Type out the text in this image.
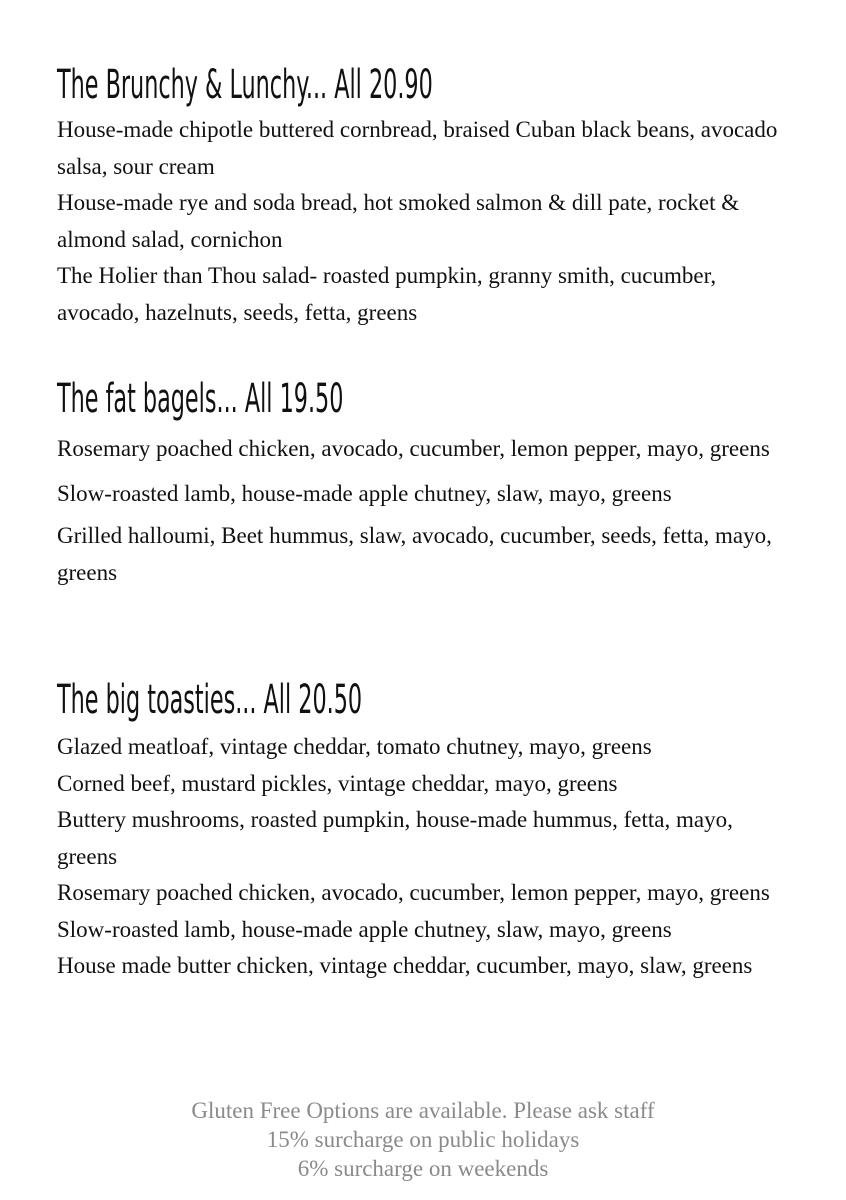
The Brunchy & Lunchy... All 20.90
House-made chipotle buttered cornbread, braised Cuban black beans, avocado salsa, sour cream
House-made rye and soda bread, hot smoked salmon & dill pate, rocket & almond salad, cornichon
The Holier than Thou salad- roasted pumpkin, granny smith, cucumber, avocado, hazelnuts, seeds, fetta, greens
The fat bagels... All 19.50
Rosemary poached chicken, avocado, cucumber, lemon pepper, mayo, greens
Slow-roasted lamb, house-made apple chutney, slaw, mayo, greens
Grilled halloumi, Beet hummus, slaw, avocado, cucumber, seeds, fetta, mayo, greens
The big toasties... All 20.50
Glazed meatloaf, vintage cheddar, tomato chutney, mayo, greens
Corned beef, mustard pickles, vintage cheddar, mayo, greens
Buttery mushrooms, roasted pumpkin, house-made hummus, fetta, mayo, greens
Rosemary poached chicken, avocado, cucumber, lemon pepper, mayo, greens
Slow-roasted lamb, house-made apple chutney, slaw, mayo, greens
House made butter chicken, vintage cheddar, cucumber, mayo, slaw, greens
Gluten Free Options are available. Please ask staff
15% surcharge on public holidays
6% surcharge on weekends
